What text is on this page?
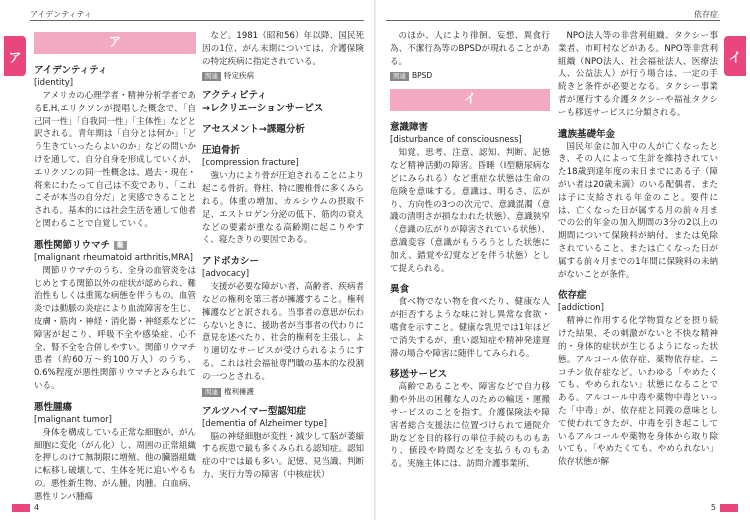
アイデンティティ	依存症
ア	イ
ア
アイデンティティ
[identity]

アメリカの心理学者・精神分析学者であるE.H.エリクソンが提唱した概念で、「自己同一性」「自我同一性」「主体性」などと訳される。青年期は「自分とは何か」「どう生きていったらよいのか」などの問いかけを通して、自分自身を形成していくが、エリクソンの同一性概念は、過去・現在・将来にわたって自己は不変であり、「これこそが本当の自分だ」と実感できることとされる。基本的には社会生活を通して他者と関わることで自覚していく。

悪性関節リウマチ 難
[malignant rheumatoid arthritis,MRA]

関節リウマチのうち、全身の血管炎をはじめとする関節以外の症状が認められ、難治性もしくは重篤な病態を伴うもの。血管炎では動脈の炎症により血流障害を生じ、皮膚・筋肉・神経・消化器・神経系などに障害が起こり、呼吸不全や感染症、心不全、腎不全を合併しやすい。関節リウマチ患者（約60万〜約100万人）のうち、0.6%程度が悪性関節リウマチとみられている。

悪性腫瘍
[malignant tumor]

身体を構成している正常な細胞が、がん細胞に変化（がん化）し、周囲の正常組織を押しのけて無制限に増殖、他の臓器組織に転移し破壊して、生体を死に追いやるもの。悪性新生物、がん腫、肉腫、白血病、悪性リンパ腫瘍

など。1981（昭和56）年以降、国民死因の1位、がん末期については、介護保険の特定疾病に指定されている。

関連 特定疾病
アクティビティ
→レクリエーションサービス
アセスメント→課題分析
圧迫骨折
[compression fracture]

強い力により骨が圧迫されることにより起こる骨折。脊柱、特に腰椎骨に多くみられる。体重の増加、カルシウムの摂取不足、エストロゲン分泌の低下、筋肉の衰えなどの要素が重なる高齢期に起こりやすく、寝たきりの要因である。

アドボカシー
[advocacy]

支援が必要な障がい者、高齢者、疾病者などの権利を第三者が擁護すること。権利擁護などと訳される。当事者の意思が伝わらないときに、援助者が当事者の代わりに意見を述べたり、社会的権利を主張し、より適切なサービスが受けられるようにする。これは社会福祉専門職の基本的な役割の一つとされる。

関連 権利擁護
アルツハイマー型認知症
[dementia of Alzheimer type]

脳の神経細胞が変性・減少して脳が萎縮する疾患で最も多くみられる認知症。認知症の中では最も多い。記憶、見当識、判断力、実行力等の障害（中核症状）

のほか、人により徘徊、妄想、異食行為、不潔行為等のBPSDが現れることがある。

関連 BPSD
イ
意識障害
[disturbance of consciousness]

知覚、思考、注意、認知、判断、記憶など精神活動の障害。昏睡（Ⅰ型糖尿病などにみられる）など重症な状態は生命の危険を意味する。意識は、明るさ、広がり、方向性の3つの次元で、意識混濁（意識の清明さが損なわれた状態）、意識狭窄（意識の広がりが障害されている状態）、意識変容（意識がもうろうとした状態に加え、錯覚や幻覚などを伴う状態）として捉えられる。

異食

食べ物でない物を食べたり、健康な人が拒否するような味に対し異常な食欲・嗜食を示すこと。健康な乳児では1年ほどで消失するが、重い認知症や精神発達遅滞の場合や障害に随伴してみられる。

移送サービス

高齢であることや、障害などで自力移動や外出の困難な人のための輸送・運搬サービスのことを指す。介護保険法や障害者総合支援法に位置づけられて通院介助などを目的移行の単位手続のものもあり、値段や時間などを支払うものもある。実施主体には、訪問介護事業所、

NPO法人等の非営利組織、タクシー事業者、市町村などがある。NPO等非営利組織（NPO法人、社会福祉法人、医療法人、公益法人）が行う場合は、一定の手続きと条件が必要となる。タクシー事業者が運行する介護タクシーや福祉タクシーも移送サービスに分類される。

遺族基礎年金

国民年金に加入中の人が亡くなったとき、その人によって生計を維持されていた18歳到達年度の末日までにある子（障がい者は20歳未満）のいる配偶者、または子に支給される年金のこと。要件には、亡くなった日が属する月の前々月までの公的年金の加入期間の3分の2以上の期間について保険料が納付、または免除されていること、または亡くなった日が属する前々月までの1年間に保険料の未納がないことが条件。

依存症
[addiction]

精神に作用する化学物質などを摂り続けた結果、その刺激がないと不快な精神的・身体的症状が生じるようになった状態。アルコール依存症、薬物依存症、ニコチン依存症など。いわゆる「やめたくても、やめられない」状態になることである。アルコール中毒や薬物中毒といった「中毒」が、依存症と同義の意味として使われてきたが、中毒を引き起こしているアルコールや薬物を身体から取り除いても、「やめたくても、やめられない」依存状態が解

4	5
